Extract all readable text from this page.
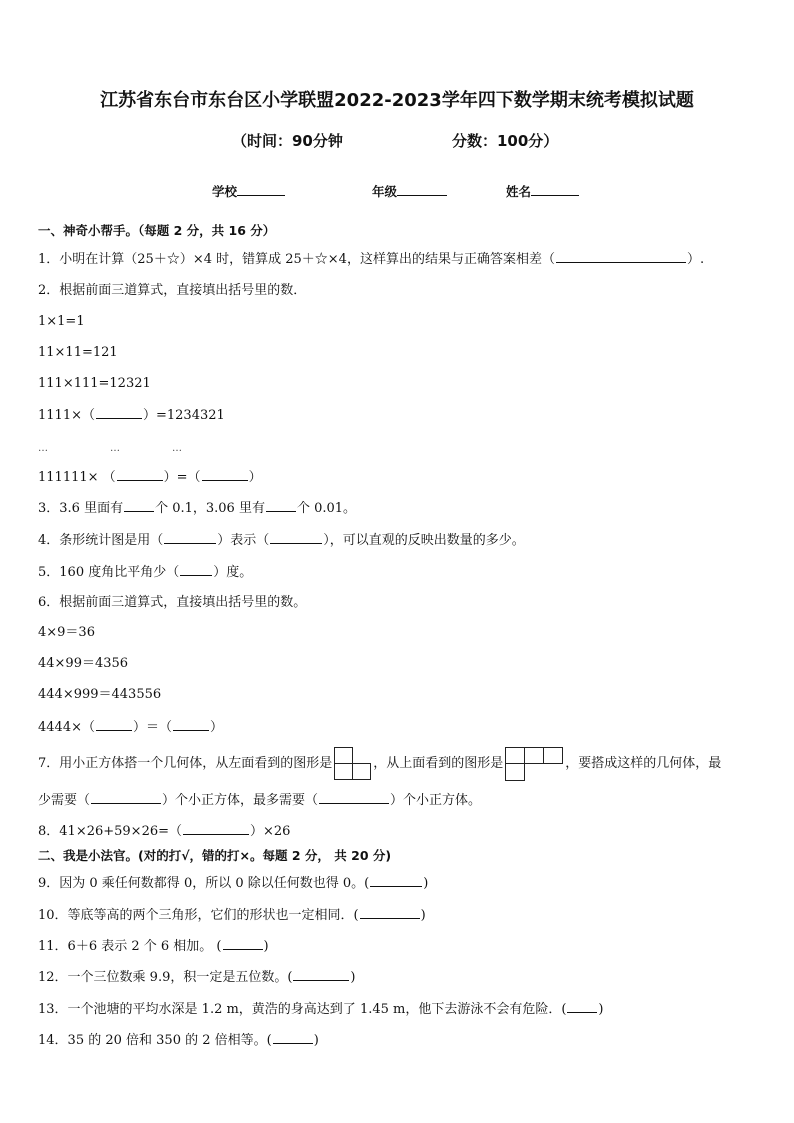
江苏省东台市东台区小学联盟2022-2023学年四下数学期末统考模拟试题
（时间：90分钟	分数：100分）
学校	年级	姓名
一、神奇小帮手。（每题 2 分，共 16 分）
1．小明在计算（25＋☆）×4 时，错算成 25＋☆×4，这样算出的结果与正确答案相差（	）.
2．根据前面三道算式，直接填出括号里的数．
1×1=1
11×11=121
111×111=12321
1111×（	）=1234321
…	…	…
111111× （	）=（	）
3．3.6 里面有 个 0.1，3.06 里有 个 0.01。
4．条形统计图是用（	）表示（	），可以直观的反映出数量的多少。
5．160 度角比平角少（	）度。
6．根据前面三道算式，直接填出括号里的数。
4×9＝36
44×99＝4356
444×999＝443556
4444×（	）＝（	）
7．用小正方体搭一个几何体，从左面看到的图形是	，从上面看到的图形是	，要搭成这样的几何体，最
少需要（	）个小正方体，最多需要（	）个小正方体。
8．41×26+59×26=（	）×26
二、我是小法官。(对的打√，错的打×。每题 2 分， 共 20 分)
9．因为 0 乘任何数都得 0，所以 0 除以任何数也得 0。(	)
10．等底等高的两个三角形，它们的形状也一定相同．(	)
11．6＋6 表示 2 个 6 相加。 (	)
12．一个三位数乘 9.9，积一定是五位数。(	)
13．一个池塘的平均水深是 1.2 m，黄浩的身高达到了 1.45 m，他下去游泳不会有危险．( )
14．35 的 20 倍和 350 的 2 倍相等。(	)
